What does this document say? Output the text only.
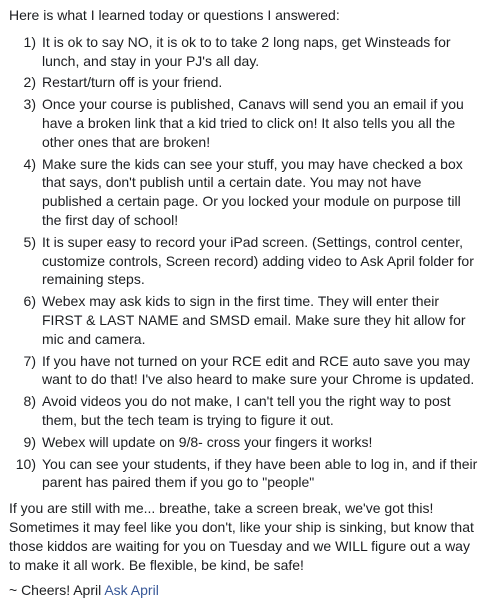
Here is what I learned today or questions I answered:

1) It is ok to say NO, it is ok to to take 2 long naps, get Winsteads for lunch, and stay in your PJ's all day.
2) Restart/turn off is your friend.
3) Once your course is published, Canavs will send you an email if you have a broken link that a kid tried to click on! It also tells you all the other ones that are broken!
4) Make sure the kids can see your stuff, you may have checked a box that says, don't publish until a certain date. You may not have published a certain page. Or you locked your module on purpose till the first day of school!
5) It is super easy to record your iPad screen. (Settings, control center, customize controls, Screen record) adding video to Ask April folder for remaining steps.
6) Webex may ask kids to sign in the first time. They will enter their FIRST & LAST NAME and SMSD email. Make sure they hit allow for mic and camera.
7) If you have not turned on your RCE edit and RCE auto save you may want to do that! I've also heard to make sure your Chrome is updated.
8) Avoid videos you do not make, I can't tell you the right way to post them, but the tech team is trying to figure it out.
9) Webex will update on 9/8- cross your fingers it works!
10) You can see your students, if they have been able to log in, and if their parent has paired them if you go to "people"

If you are still with me... breathe, take a screen break, we've got this! Sometimes it may feel like you don't, like your ship is sinking, but know that those kiddos are waiting for you on Tuesday and we WILL figure out a way to make it all work. Be flexible, be kind, be safe!

~ Cheers! April Ask April
